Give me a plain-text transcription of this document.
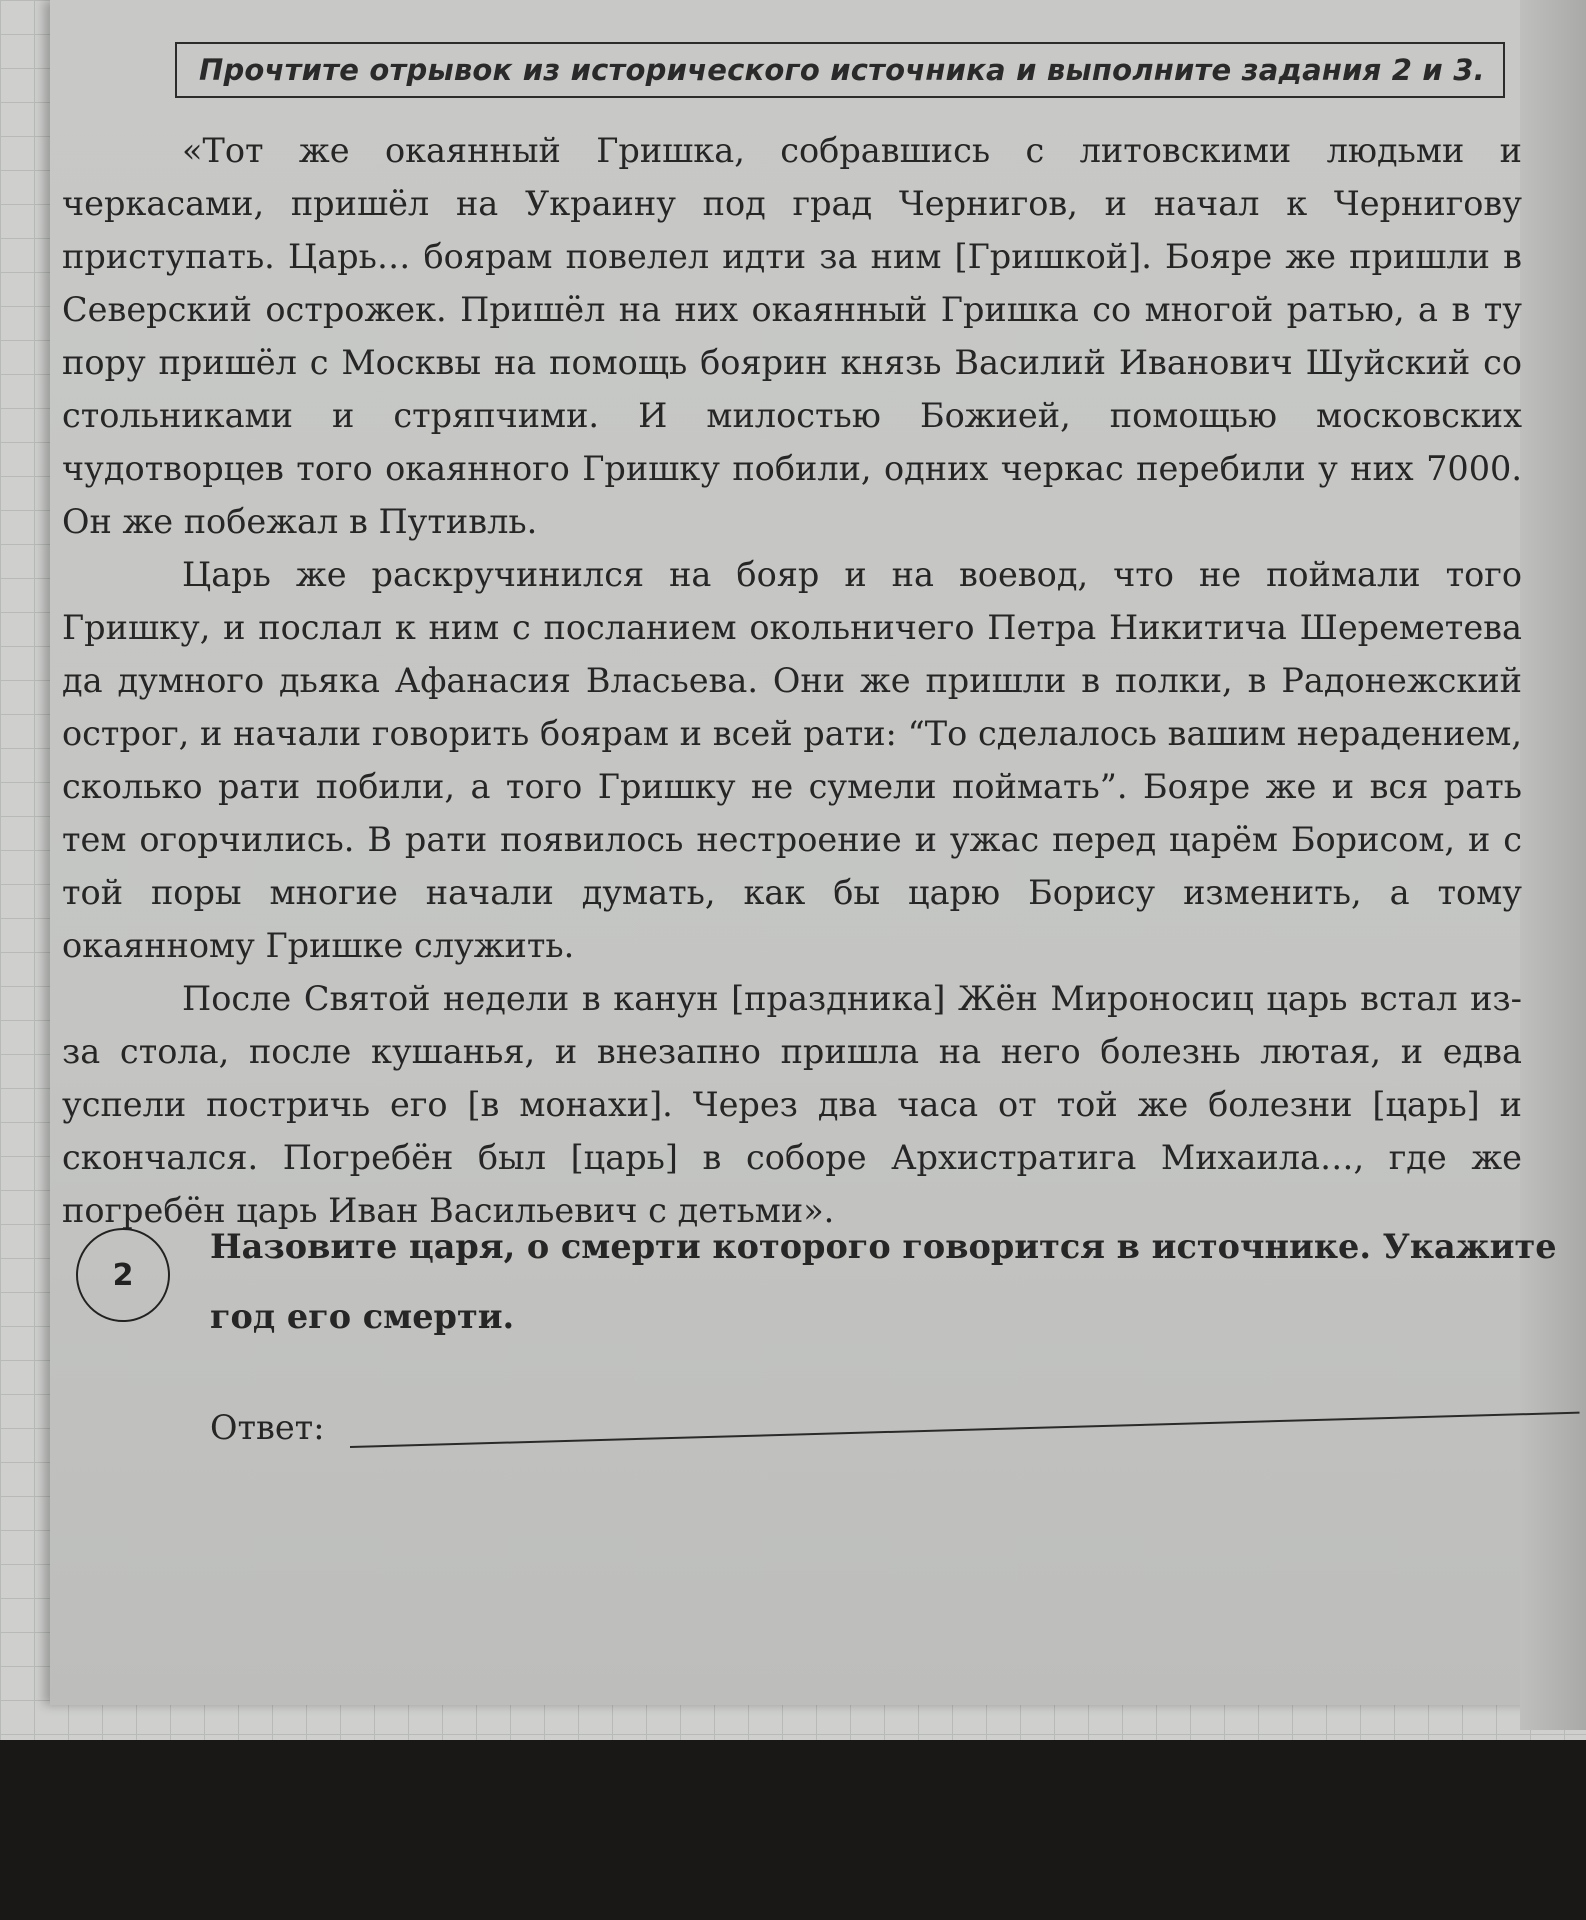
Прочтите отрывок из исторического источника и выполните задания 2 и 3.

«Тот же окаянный Гришка, собравшись с литовскими людьми и черкасами, пришёл на Украину под град Чернигов, и начал к Чернигову приступать. Царь… боярам повелел идти за ним [Гришкой]. Бояре же пришли в Северский острожек. Пришёл на них окаянный Гришка со многой ратью, а в ту пору пришёл с Москвы на помощь боярин князь Василий Иванович Шуйский со стольниками и стряпчими. И милостью Божией, помощью московских чудотворцев того окаянного Гришку побили, одних черкас перебили у них 7000. Он же побежал в Путивль.

Царь же раскручинился на бояр и на воевод, что не поймали того Гришку, и послал к ним с посланием окольничего Петра Никитича Шереметева да думного дьяка Афанасия Власьева. Они же пришли в полки, в Радонежский острог, и начали говорить боярам и всей рати: “То сделалось вашим нерадением, сколько рати побили, а того Гришку не сумели поймать”. Бояре же и вся рать тем огорчились. В рати появилось нестроение и ужас перед царём Борисом, и с той поры многие начали думать, как бы царю Борису изменить, а тому окаянному Гришке служить.

После Святой недели в канун [праздника] Жён Мироносиц царь встал из-за стола, после кушанья, и внезапно пришла на него болезнь лютая, и едва успели постричь его [в монахи]. Через два часа от той же болезни [царь] и скончался. Погребён был [царь] в соборе Архистратига Михаила…, где же погребён царь Иван Васильевич с детьми».

2
Назовите царя, о смерти которого говорится в источнике. Укажите год его смерти.
Ответ:
